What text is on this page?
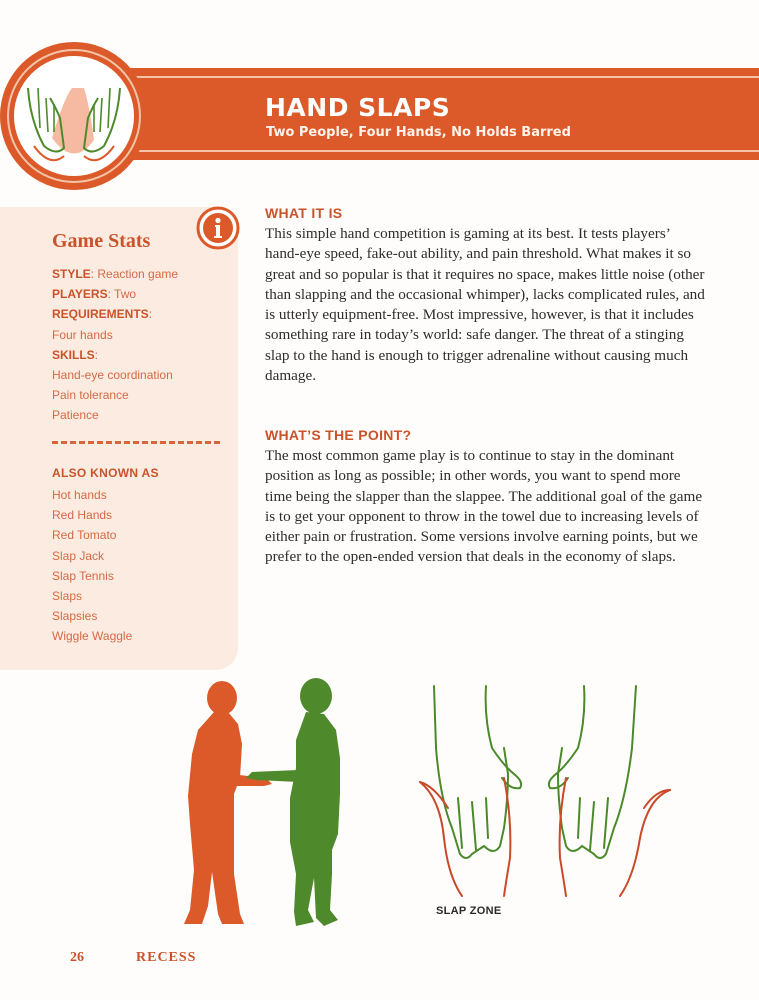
HAND SLAPS

Two People, Four Hands, No Holds Barred

Game Stats
STYLE: Reaction game
PLAYERS: Two
REQUIREMENTS:
Four hands
SKILLS:
Hand-eye coordination
Pain tolerance
Patience
ALSO KNOWN AS
Hot hands
Red Hands
Red Tomato
Slap Jack
Slap Tennis
Slaps
Slapsies
Wiggle Waggle
WHAT IT IS

This simple hand competition is gaming at its best. It tests players’ hand-eye speed, fake-out ability, and pain threshold. What makes it so great and so popular is that it requires no space, makes little noise (other than slapping and the occasional whimper), lacks complicated rules, and is utterly equipment-free. Most impressive, however, is that it includes something rare in today’s world: safe danger. The threat of a stinging slap to the hand is enough to trigger adrenaline without causing much damage.

WHAT’S THE POINT?

The most common game play is to continue to stay in the dominant position as long as possible; in other words, you want to spend more time being the slapper than the slappee. The additional goal of the game is to get your opponent to throw in the towel due to increasing levels of either pain or frustration. Some versions involve earning points, but we prefer to the open-ended version that deals in the economy of slaps.

SLAP ZONE

26	RECESS
